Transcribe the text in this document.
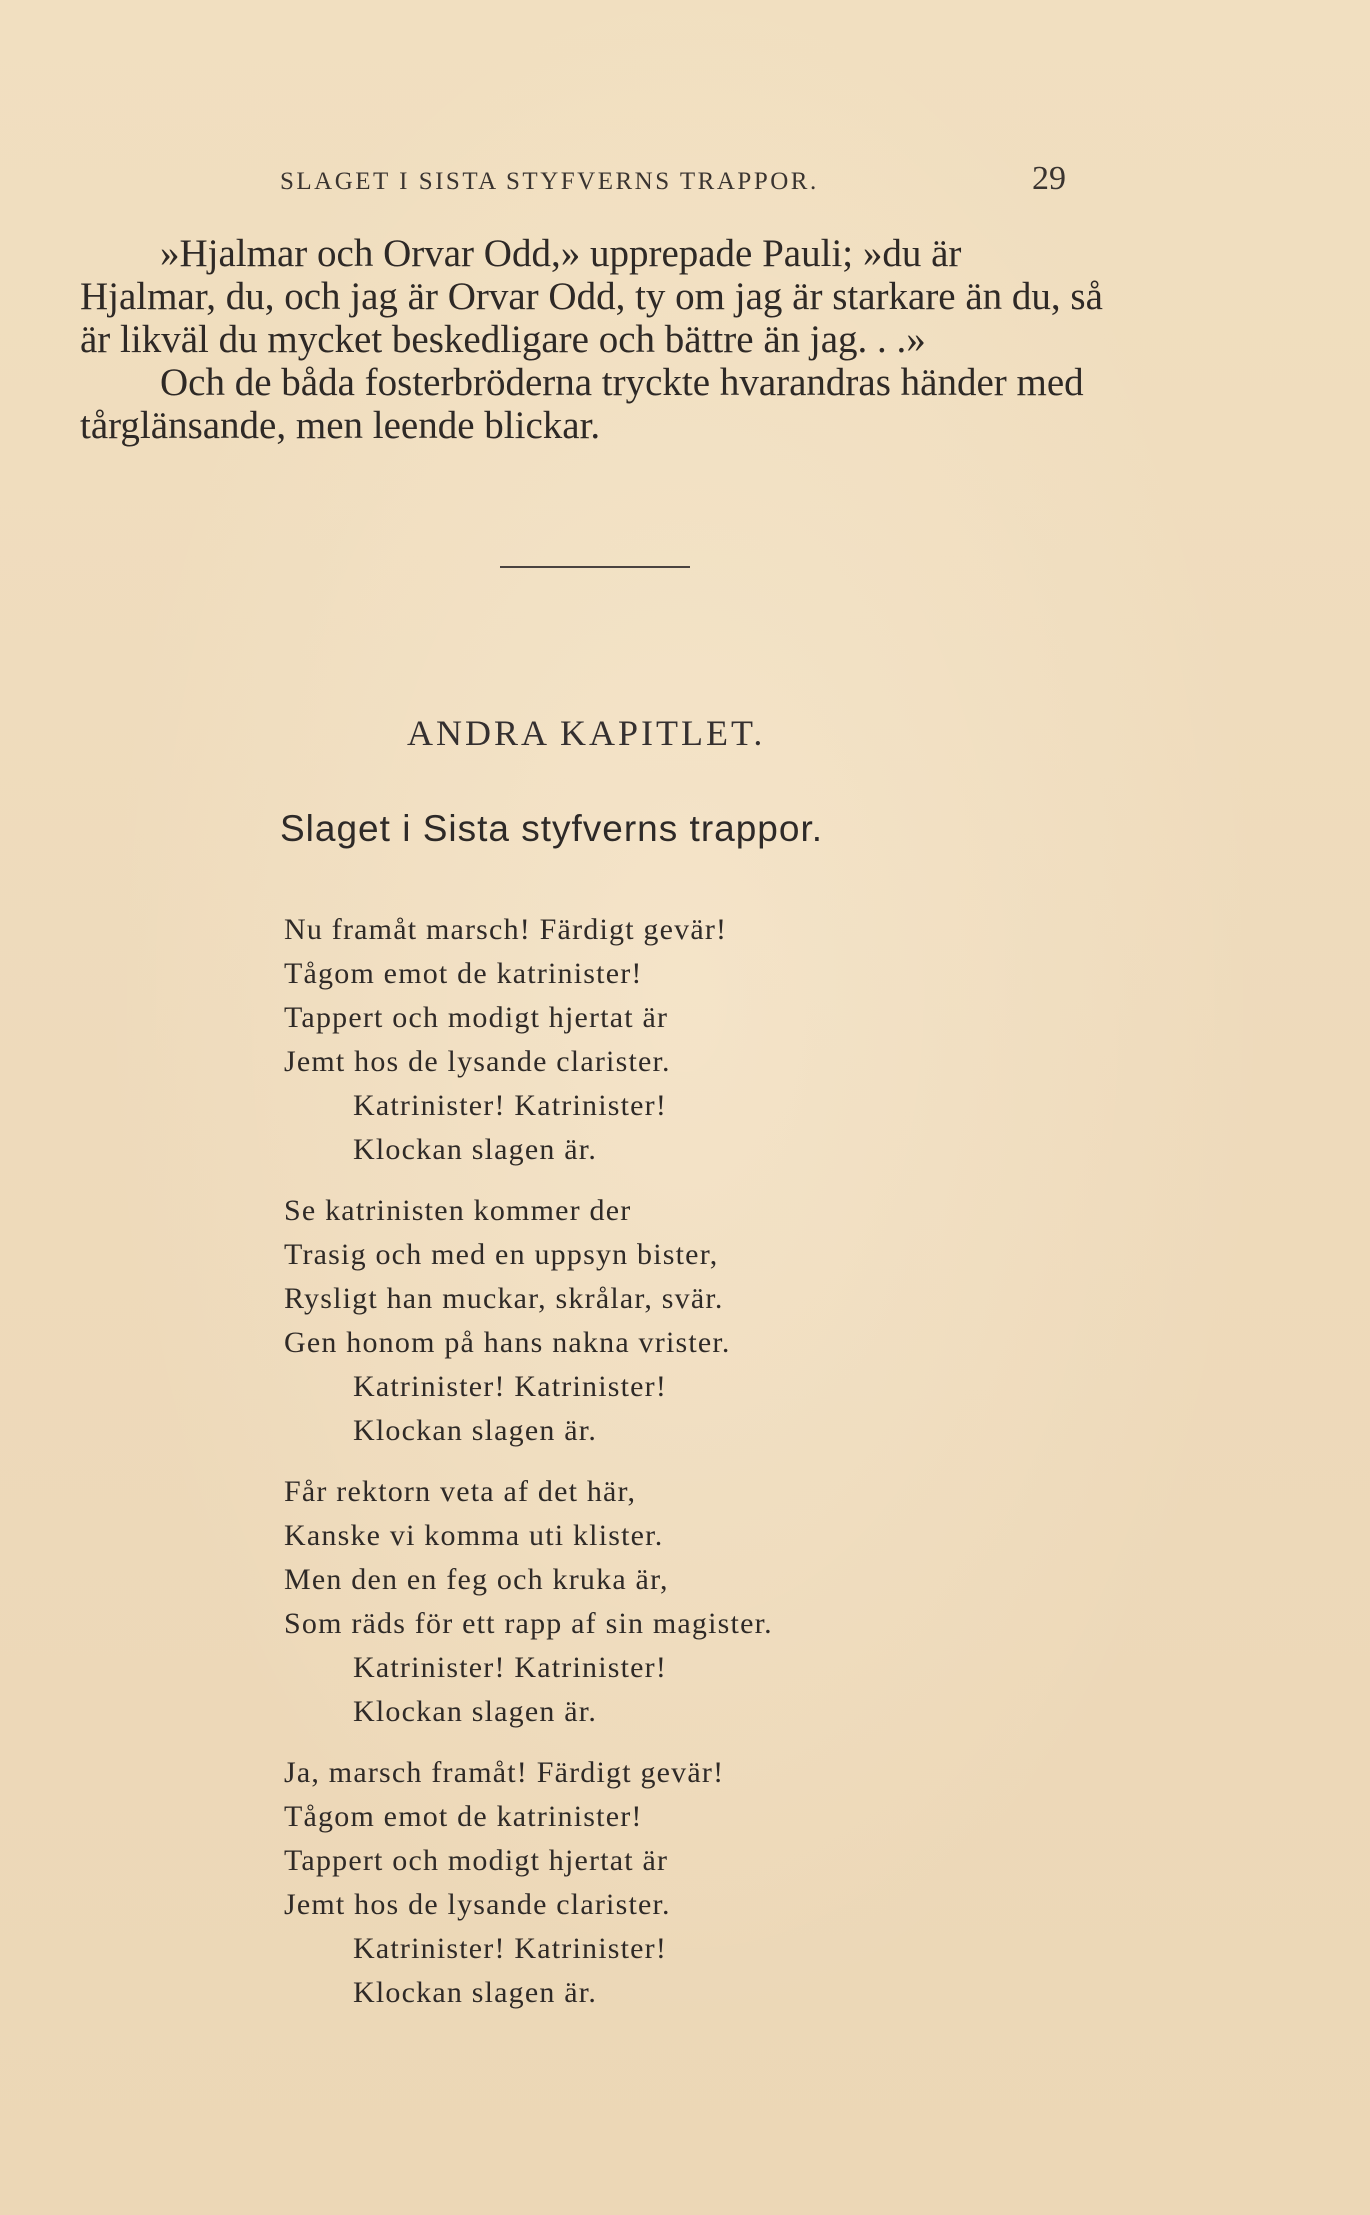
SLAGET I SISTA STYFVERNS TRAPPOR.	29

»Hjalmar och Orvar Odd,» upprepade Pauli; »du är Hjalmar, du, och jag är Orvar Odd, ty om jag är starkare än du, så är likväl du mycket beskedligare och bättre än jag. . .»

Och de båda fosterbröderna tryckte hvarandras händer med tårglänsande, men leende blickar.

ANDRA KAPITLET.
Slaget i Sista styfverns trappor.
Nu framåt marsch! Färdigt gevär!
Tågom emot de katrinister!
Tappert och modigt hjertat är
Jemt hos de lysande clarister.
Katrinister! Katrinister!
Klockan slagen är.
Se katrinisten kommer der
Trasig och med en uppsyn bister,
Rysligt han muckar, skrålar, svär.
Gen honom på hans nakna vrister.
Katrinister! Katrinister!
Klockan slagen är.
Får rektorn veta af det här,
Kanske vi komma uti klister.
Men den en feg och kruka är,
Som räds för ett rapp af sin magister.
Katrinister! Katrinister!
Klockan slagen är.
Ja, marsch framåt! Färdigt gevär!
Tågom emot de katrinister!
Tappert och modigt hjertat är
Jemt hos de lysande clarister.
Katrinister! Katrinister!
Klockan slagen är.
